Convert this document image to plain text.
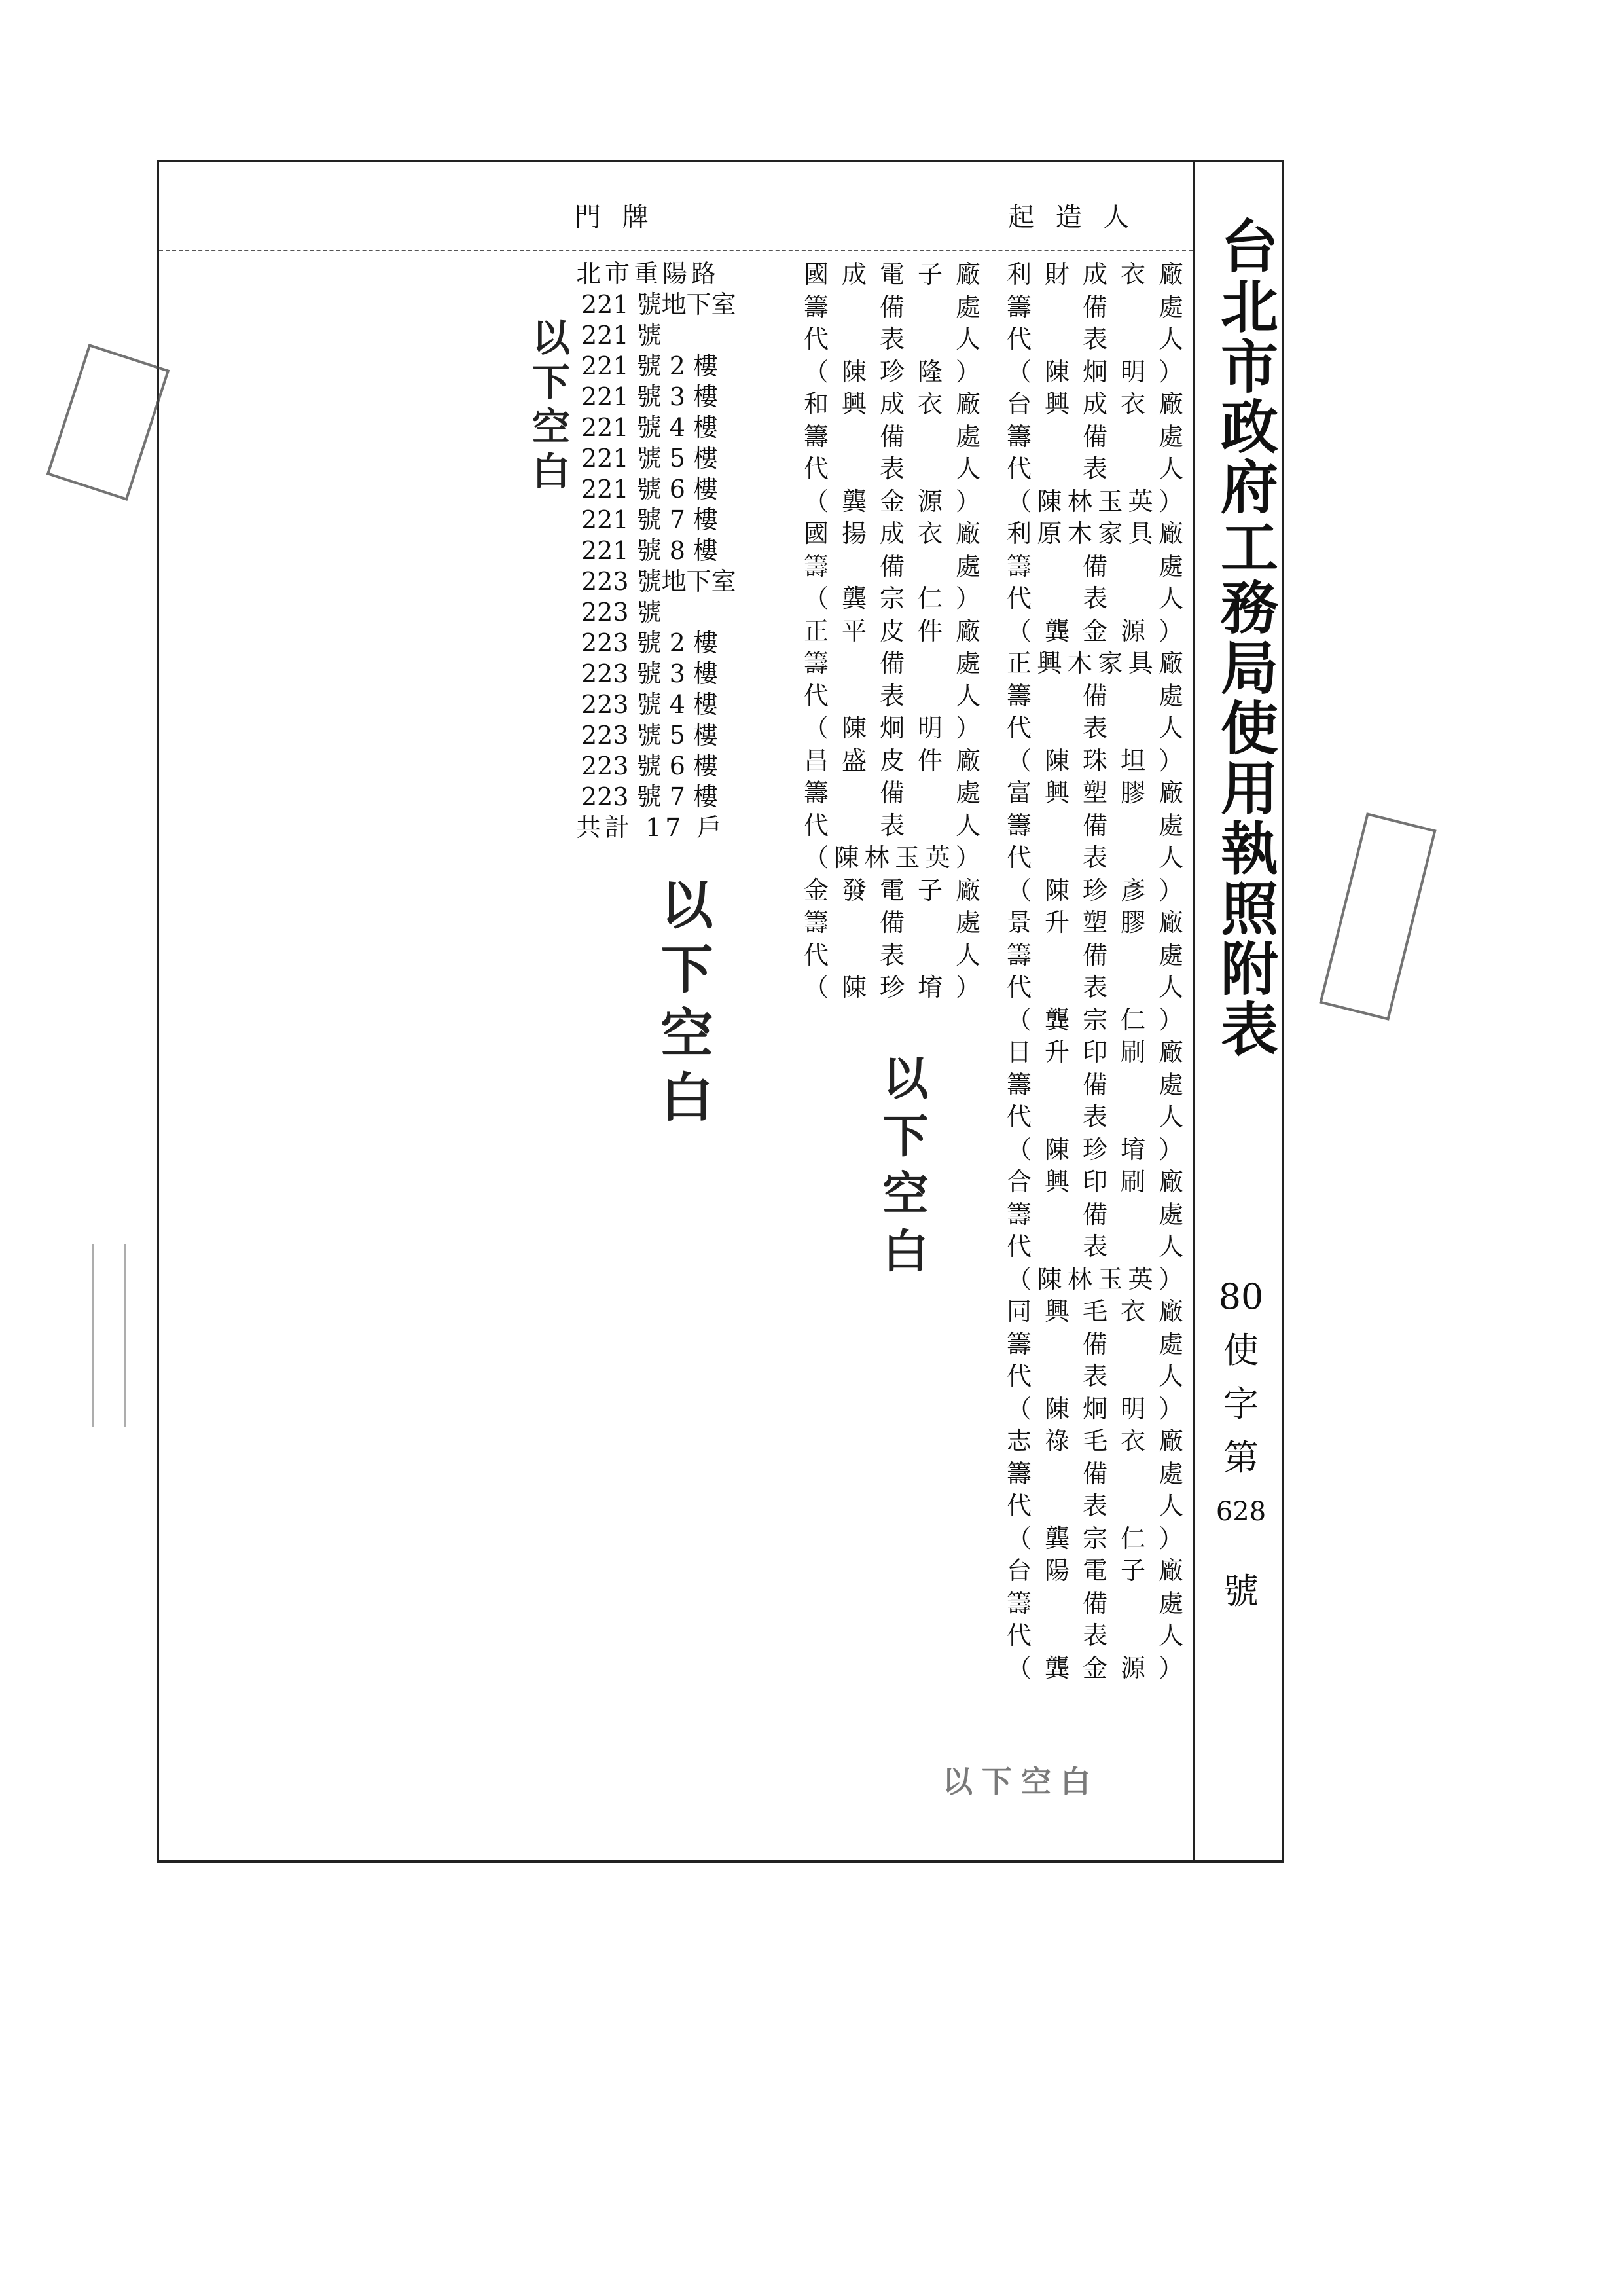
台北市政府工務局使用執照附表
80
使
字
第
628
號
起 造 人
門 牌
利財成衣廠
籌 備 處
代 表 人
（陳炯明）
台興成衣廠
籌 備 處
代 表 人
（陳林玉英）
利原木家具廠
籌 備 處
代 表 人
（龔金源）
正興木家具廠
籌 備 處
代 表 人
（陳珠坦）
富興塑膠廠
籌 備 處
代 表 人
（陳珍彥）
景升塑膠廠
籌 備 處
代 表 人
（龔宗仁）
日升印刷廠
籌 備 處
代 表 人
（陳珍堉）
合興印刷廠
籌 備 處
代 表 人
（陳林玉英）
同興毛衣廠
籌 備 處
代 表 人
（陳炯明）
志祿毛衣廠
籌 備 處
代 表 人
（龔宗仁）
台陽電子廠
籌 備 處
代 表 人
（龔金源）
國成電子廠
籌 備 處
代 表 人
（陳珍隆）
和興成衣廠
籌 備 處
代 表 人
（龔金源）
國揚成衣廠
籌 備 處
（龔宗仁）
正平皮件廠
籌 備 處
代 表 人
（陳炯明）
昌盛皮件廠
籌 備 處
代 表 人
（陳林玉英）
金發電子廠
籌 備 處
代 表 人
（陳珍堉）
北市重陽路
221 號地下室
221 號
221 號 2 樓
221 號 3 樓
221 號 4 樓
221 號 5 樓
221 號 6 樓
221 號 7 樓
221 號 8 樓
223 號地下室
223 號
223 號 2 樓
223 號 3 樓
223 號 4 樓
223 號 5 樓
223 號 6 樓
223 號 7 樓
共計 17 戶
以下空白
以下空白
以下空白
以下空白
